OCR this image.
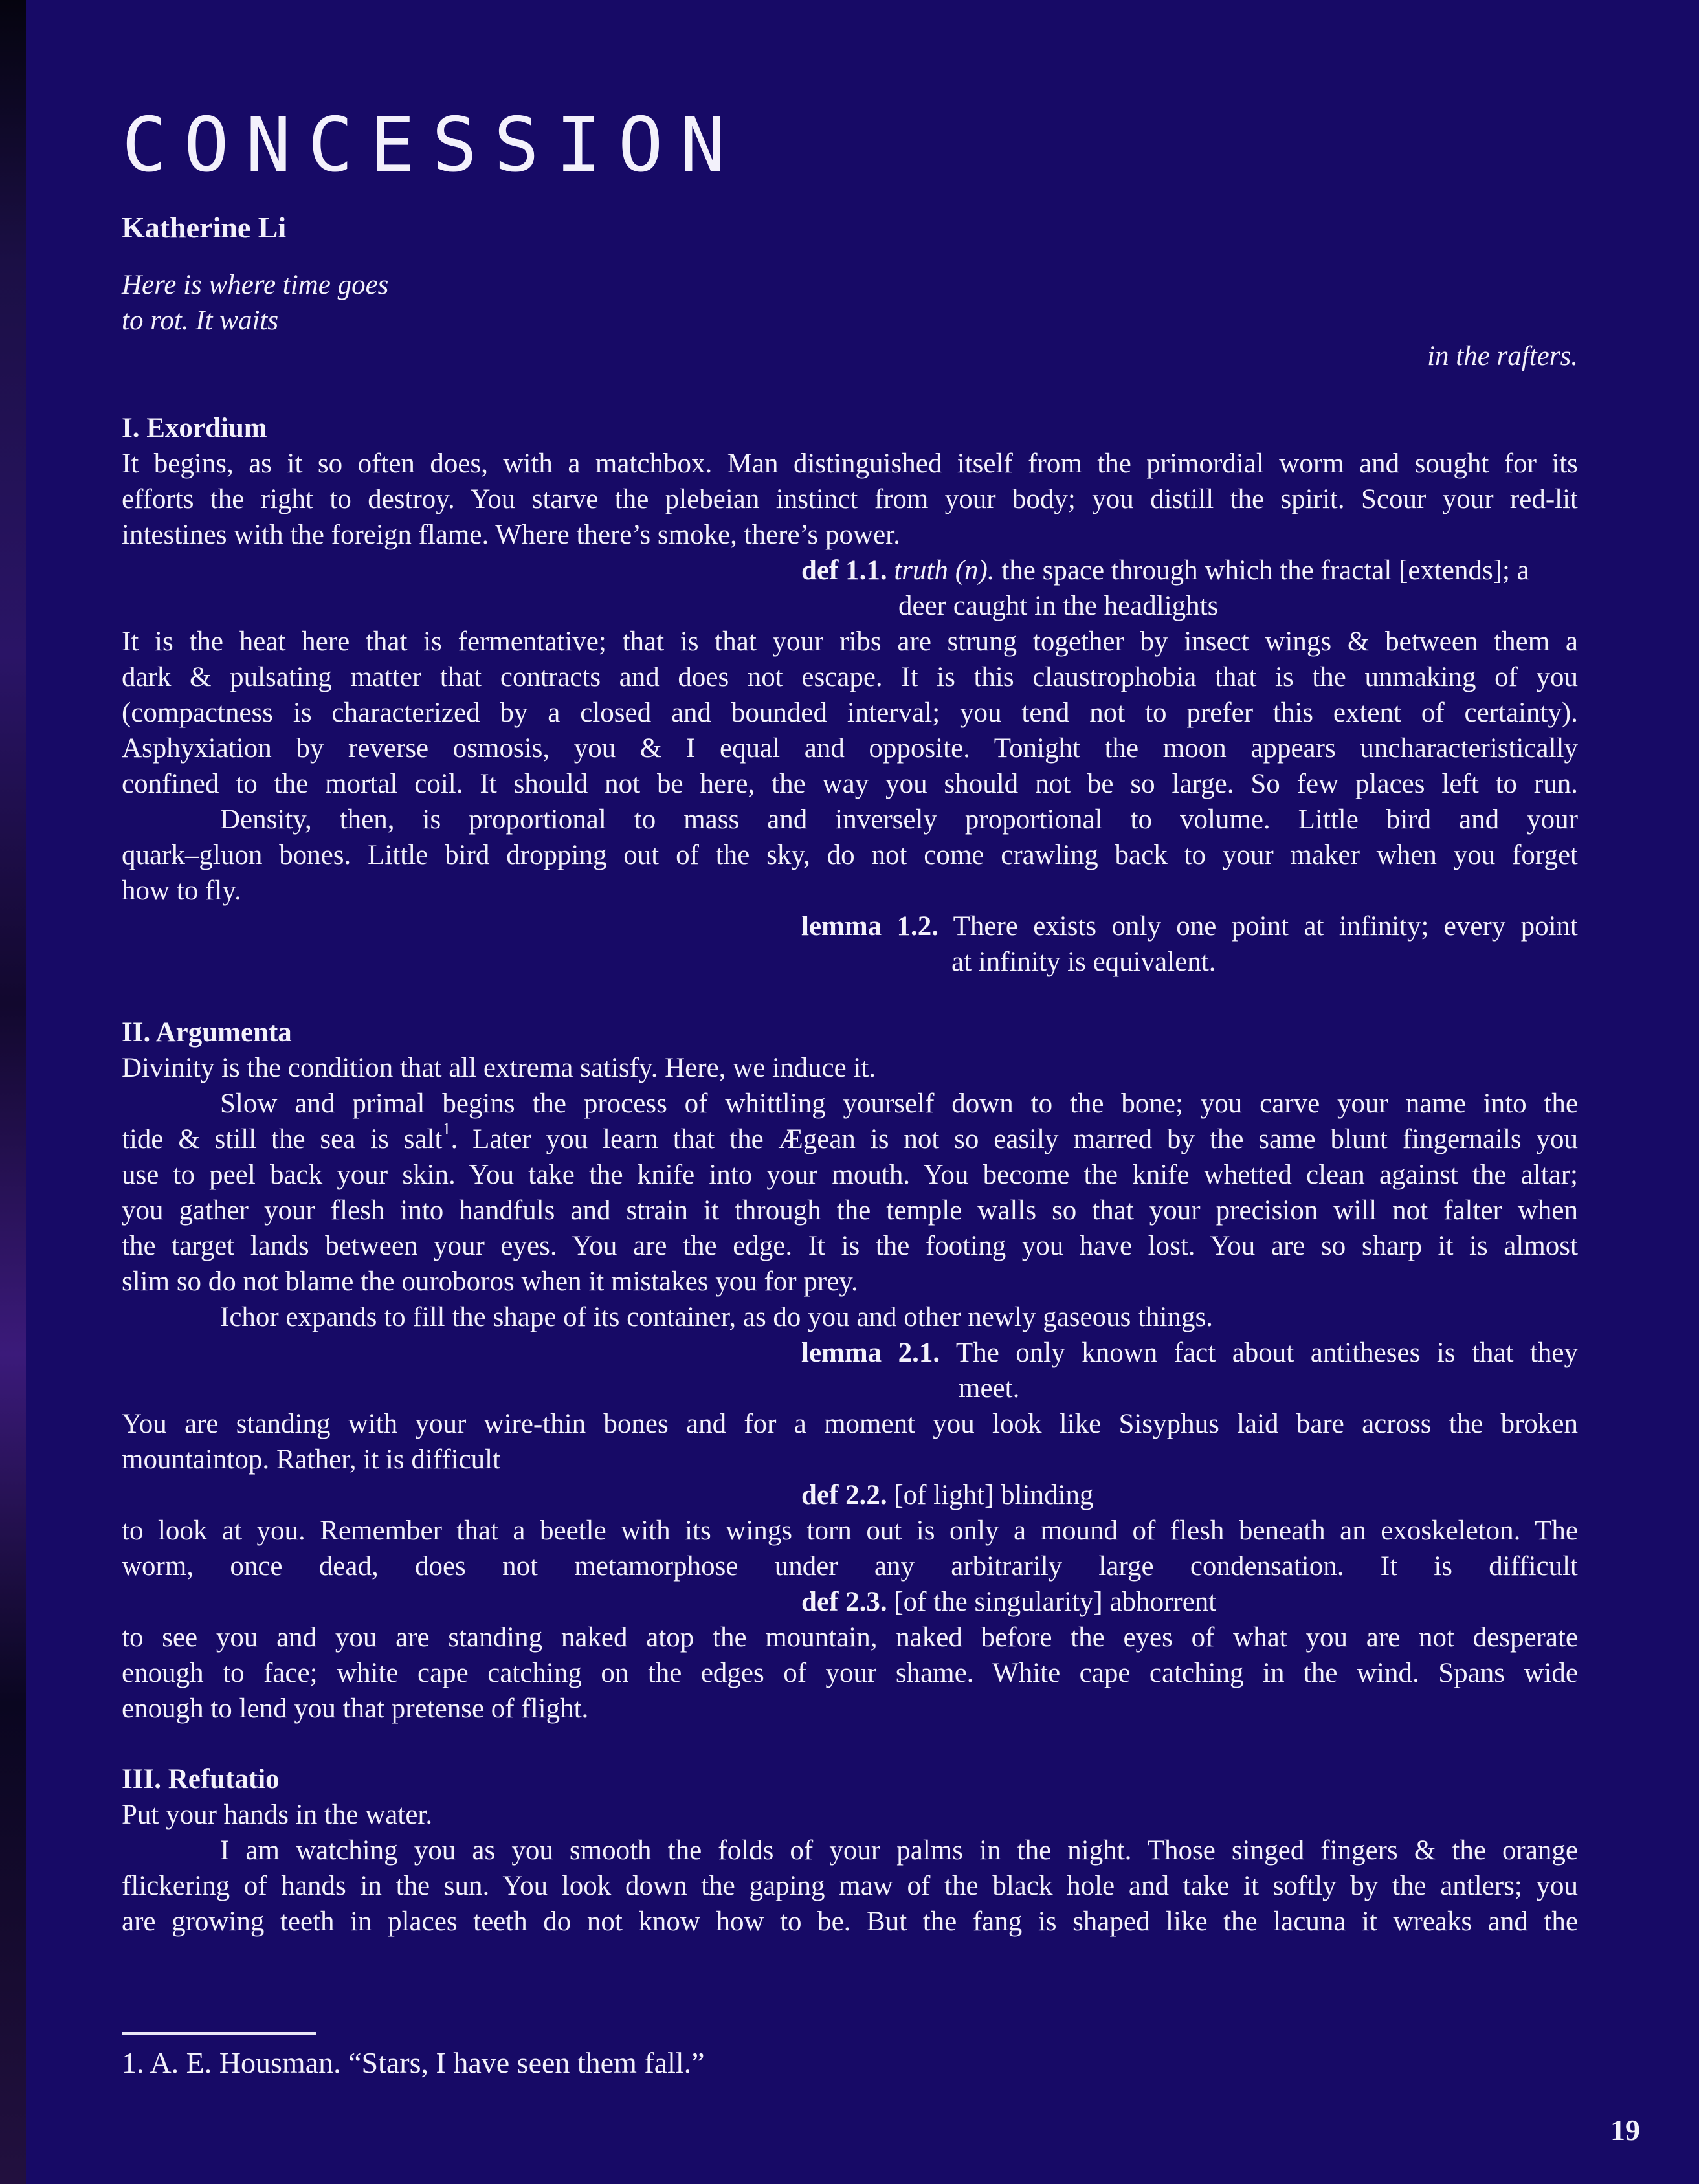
CONCESSION
Katherine Li
Here is where time goes
to rot. It waits
in the rafters.
I. Exordium
It begins, as it so often does, with a matchbox. Man distinguished itself from the primordial worm and sought for its
efforts the right to destroy. You starve the plebeian instinct from your body; you distill the spirit. Scour your red-lit
intestines with the foreign flame. Where there’s smoke, there’s power.
def 1.1. truth (n). the space through which the fractal [extends]; a
deer caught in the headlights
It is the heat here that is fermentative; that is that your ribs are strung together by insect wings & between them a
dark & pulsating matter that contracts and does not escape. It is this claustrophobia that is the unmaking of you
(compactness is characterized by a closed and bounded interval; you tend not to prefer this extent of certainty).
Asphyxiation by reverse osmosis, you & I equal and opposite. Tonight the moon appears uncharacteristically
confined to the mortal coil. It should not be here, the way you should not be so large. So few places left to run.
Density, then, is proportional to mass and inversely proportional to volume. Little bird and your
quark–gluon bones. Little bird dropping out of the sky, do not come crawling back to your maker when you forget
how to fly.
lemma 1.2. There exists only one point at infinity; every point
at infinity is equivalent.
II. Argumenta
Divinity is the condition that all extrema satisfy. Here, we induce it.
Slow and primal begins the process of whittling yourself down to the bone; you carve your name into the
tide & still the sea is salt$^1$. Later you learn that the Ægean is not so easily marred by the same blunt fingernails you
use to peel back your skin. You take the knife into your mouth. You become the knife whetted clean against the altar;
you gather your flesh into handfuls and strain it through the temple walls so that your precision will not falter when
the target lands between your eyes. You are the edge. It is the footing you have lost. You are so sharp it is almost
slim so do not blame the ouroboros when it mistakes you for prey.
Ichor expands to fill the shape of its container, as do you and other newly gaseous things.
lemma 2.1. The only known fact about antitheses is that they
meet.
You are standing with your wire-thin bones and for a moment you look like Sisyphus laid bare across the broken
mountaintop. Rather, it is difficult
def 2.2. [of light] blinding
to look at you. Remember that a beetle with its wings torn out is only a mound of flesh beneath an exoskeleton. The
worm, once dead, does not metamorphose under any arbitrarily large condensation. It is difficult
def 2.3. [of the singularity] abhorrent
to see you and you are standing naked atop the mountain, naked before the eyes of what you are not desperate
enough to face; white cape catching on the edges of your shame. White cape catching in the wind. Spans wide
enough to lend you that pretense of flight.
III. Refutatio
Put your hands in the water.
I am watching you as you smooth the folds of your palms in the night. Those singed fingers & the orange
flickering of hands in the sun. You look down the gaping maw of the black hole and take it softly by the antlers; you
are growing teeth in places teeth do not know how to be. But the fang is shaped like the lacuna it wreaks and the
1. A. E. Housman. “Stars, I have seen them fall.”
19
